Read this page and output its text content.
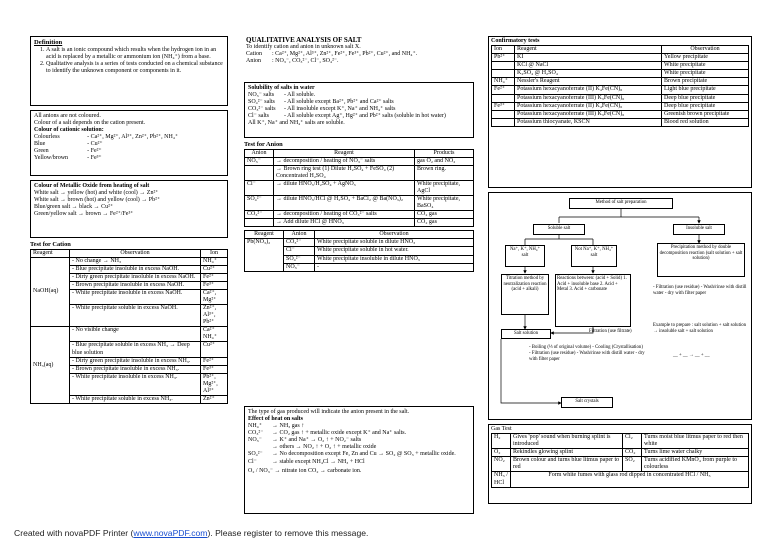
Definition
1. A salt is an ionic compound which results when the hydrogen ion in an acid is replaced by a metallic or ammonium ion (NH₄⁺) from a base.
2. Qualitative analysis is a series of tests conducted on a chemical substance to identify the unknown component or components in it.

All anions are not coloured.

Colour of a salt depends on the cation present.

Colour of cationic solution:

Colourless	- Ca²⁺, Mg²⁺, Al³⁺, Zn²⁺, Pb²⁺, NH₄⁺
Blue	- Cu²⁺
Green	- Fe²⁺
Yellow/brown	- Fe³⁺
Colour of Metallic Oxide from heating of salt

White salt → yellow (hot) and white (cool) → Zn²⁺

White salt → brown (hot) and yellow (cool) → Pb²⁺

Blue/green salt → black → Cu²⁺

Green/yellow salt → brown → Fe²⁺/Fe³⁺

Test for Cation
Reagent	Observation	Ion
NaOH(aq)	- No change → NH₃	NH₄⁺
	- Blue precipitate insoluble in excess NaOH.	Cu²⁺
	- Dirty green precipitate insoluble in excess NaOH.	Fe²⁺
	- Brown precipitate insoluble in excess NaOH.	Fe³⁺
	- White precipitate insoluble in excess NaOH.	Ca²⁺, Mg²⁺
	- White precipitate soluble in excess NaOH.	Zn²⁺, Al³⁺, Pb²⁺
NH₃(aq)	- No visible change	Ca²⁺ NH₄⁺
	- Blue precipitate soluble in excess NH₃ → Deep blue solution	Cu²⁺
	- Dirty green precipitate insoluble in excess NH₃.	Fe²⁺
	- Brown precipitate insoluble in excess NH₃.	Fe³⁺
	- White precipitate insoluble in excess NH₃.	Pb²⁺, Mg²⁺, Al³⁺
	- White precipitate soluble in excess NH₃.	Zn²⁺
QUALITATIVE ANALYSIS OF SALT

To identify cation and anion in unknown salt X.

Cation	: Ca²⁺, Mg²⁺, Al³⁺, Zn²⁺, Fe²⁺, Fe³⁺, Pb²⁺, Cu²⁺, and NH₄⁺.
Anion	: NO₃⁻, CO₃²⁻, Cl⁻, SO₄²⁻.
Solubility of salts in water
NO₃⁻ salts	- All soluble.
SO₄²⁻ salts	- All soluble except Ba²⁺, Pb²⁺ and Ca²⁺ salts
CO₃²⁻ salts	- All insoluble except K⁺, Na⁺ and NH₄⁺ salts
Cl⁻ salts	- All soluble except Ag⁺, Hg²⁺ and Pb²⁺ salts (soluble in hot water)

All K⁺, Na⁺ and NH₄⁺ salts are soluble.

Test for Anion
Anion	Reagent	Products
NO₃⁻	→ decomposition / heating of NO₃⁻ salts	gas O₂ and NO₂
	→ Brown ring test (1) Dilute H₂SO₄ + FeSO₄ (2) Concentrated H₂SO₄	Brown ring.
Cl⁻	→ dilute HNO₃/H₂SO₄ + AgNO₃	White precipitate, AgCl
SO₄²⁻	→ dilute HNO₃/HCl @ H₂SO₄ + BaCl₂ @ Ba(NO₃)₂	White precipitate, BaSO₄
CO₃²⁻	→ decomposition / heating of CO₃²⁻ salts	CO₂ gas
	→ Add dilute HCl @ HNO₃	CO₂ gas
Reagent	Anion	Observation
Pb(NO₃)₂	CO₃²⁻	White precipitate soluble in dilute HNO₃
	Cl⁻	White precipitate soluble in hot water.
	SO₄²⁻	White precipitate insoluble in dilute HNO₃
	NO₃⁻	-

The type of gas produced will indicate the anion present in the salt.

Effect of heat on salts
NH₄⁺	→ NH₃ gas ↑
CO₃²⁻	→ CO₂ gas ↑ + metallic oxide except K⁺ and Na⁺ salts.
NO₃⁻	→ K⁺ and Na⁺ → O₂ ↑ + NO₂⁻ salts
	→ others → NO₂ ↑ + O₂ ↑ + metallic oxide
SO₄²⁻	→ No decomposition except Fe, Zn and Cu → SO₂ @ SO₃ + metallic oxide.
Cl⁻	→ stable except NH₄Cl → NH₃ + HCl

O₂ / NO₃⁻ → nitrate ion CO₂ → carbonate ion.

Confirmatory tests
Ion	Reagent	Observation
Pb²⁺	KI	Yellow precipitate
	KCl @ NaCl	White precipitate
	K₂SO₄ @ H₂SO₄	White precipitate
NH₄⁺	Nessler's Reagent	Brown precipitate
Fe²⁺	Potassium hexacyanoferrate (II) K₄Fe(CN)₆	Light blue precipitate
	Potassium hexacyanoferrate (III) K₃Fe(CN)₆	Deep blue precipitate
Fe³⁺	Potassium hexacyanoferrate (II) K₄Fe(CN)₆	Deep blue precipitate
	Potassium hexacyanoferrate (III) K₃Fe(CN)₆	Greenish brown precipitate
	Potassium thiocyanate, KSCN	Blood red solution
Method of salt preparation
Soluble salt	Insoluble salt
Na⁺, K⁺, NH₄⁺ salt
Not Na⁺, K⁺, NH₄⁺ salt
Precipitation method by double decomposition reaction (salt solution + salt solution)
Titration method by neutralization reaction (acid + alkali)
Reactions between: (acid + Solid) 1. Acid + insoluble base 2. Acid + Metal 3. Acid + carbonate	- Filtration (use residue) - Wash/rinse with distill water - dry with filter paper
Example to prepare : salt solution + salt solution → insoluble salt + salt solution
__ + __ → __ + __
Salt solution	Filtration (use filtrate)
- Boiling (⅓ of original volume) - Cooling (Crystallisation) - Filtration (use residue) - Wash/rinse with distill water - dry with filter paper
Salt crystals
Gas Test
H₂	Gives 'pop' sound when burning splint is introduced	Cl₂	Turns moist blue litmus paper to red then white
O₂	Rekindles glowing splint	CO₂	Turns lime water chalky
NO₂	Brown colour and turns blue litmus paper to red	SO₂	Turns acidified KMnO₄ from purple to colourless
NH₃ / HCl	Form white fumes with glass rod dipped in concentrated HCl / NH₃		
Created with novaPDF Printer (www.novaPDF.com). Please register to remove this message.
